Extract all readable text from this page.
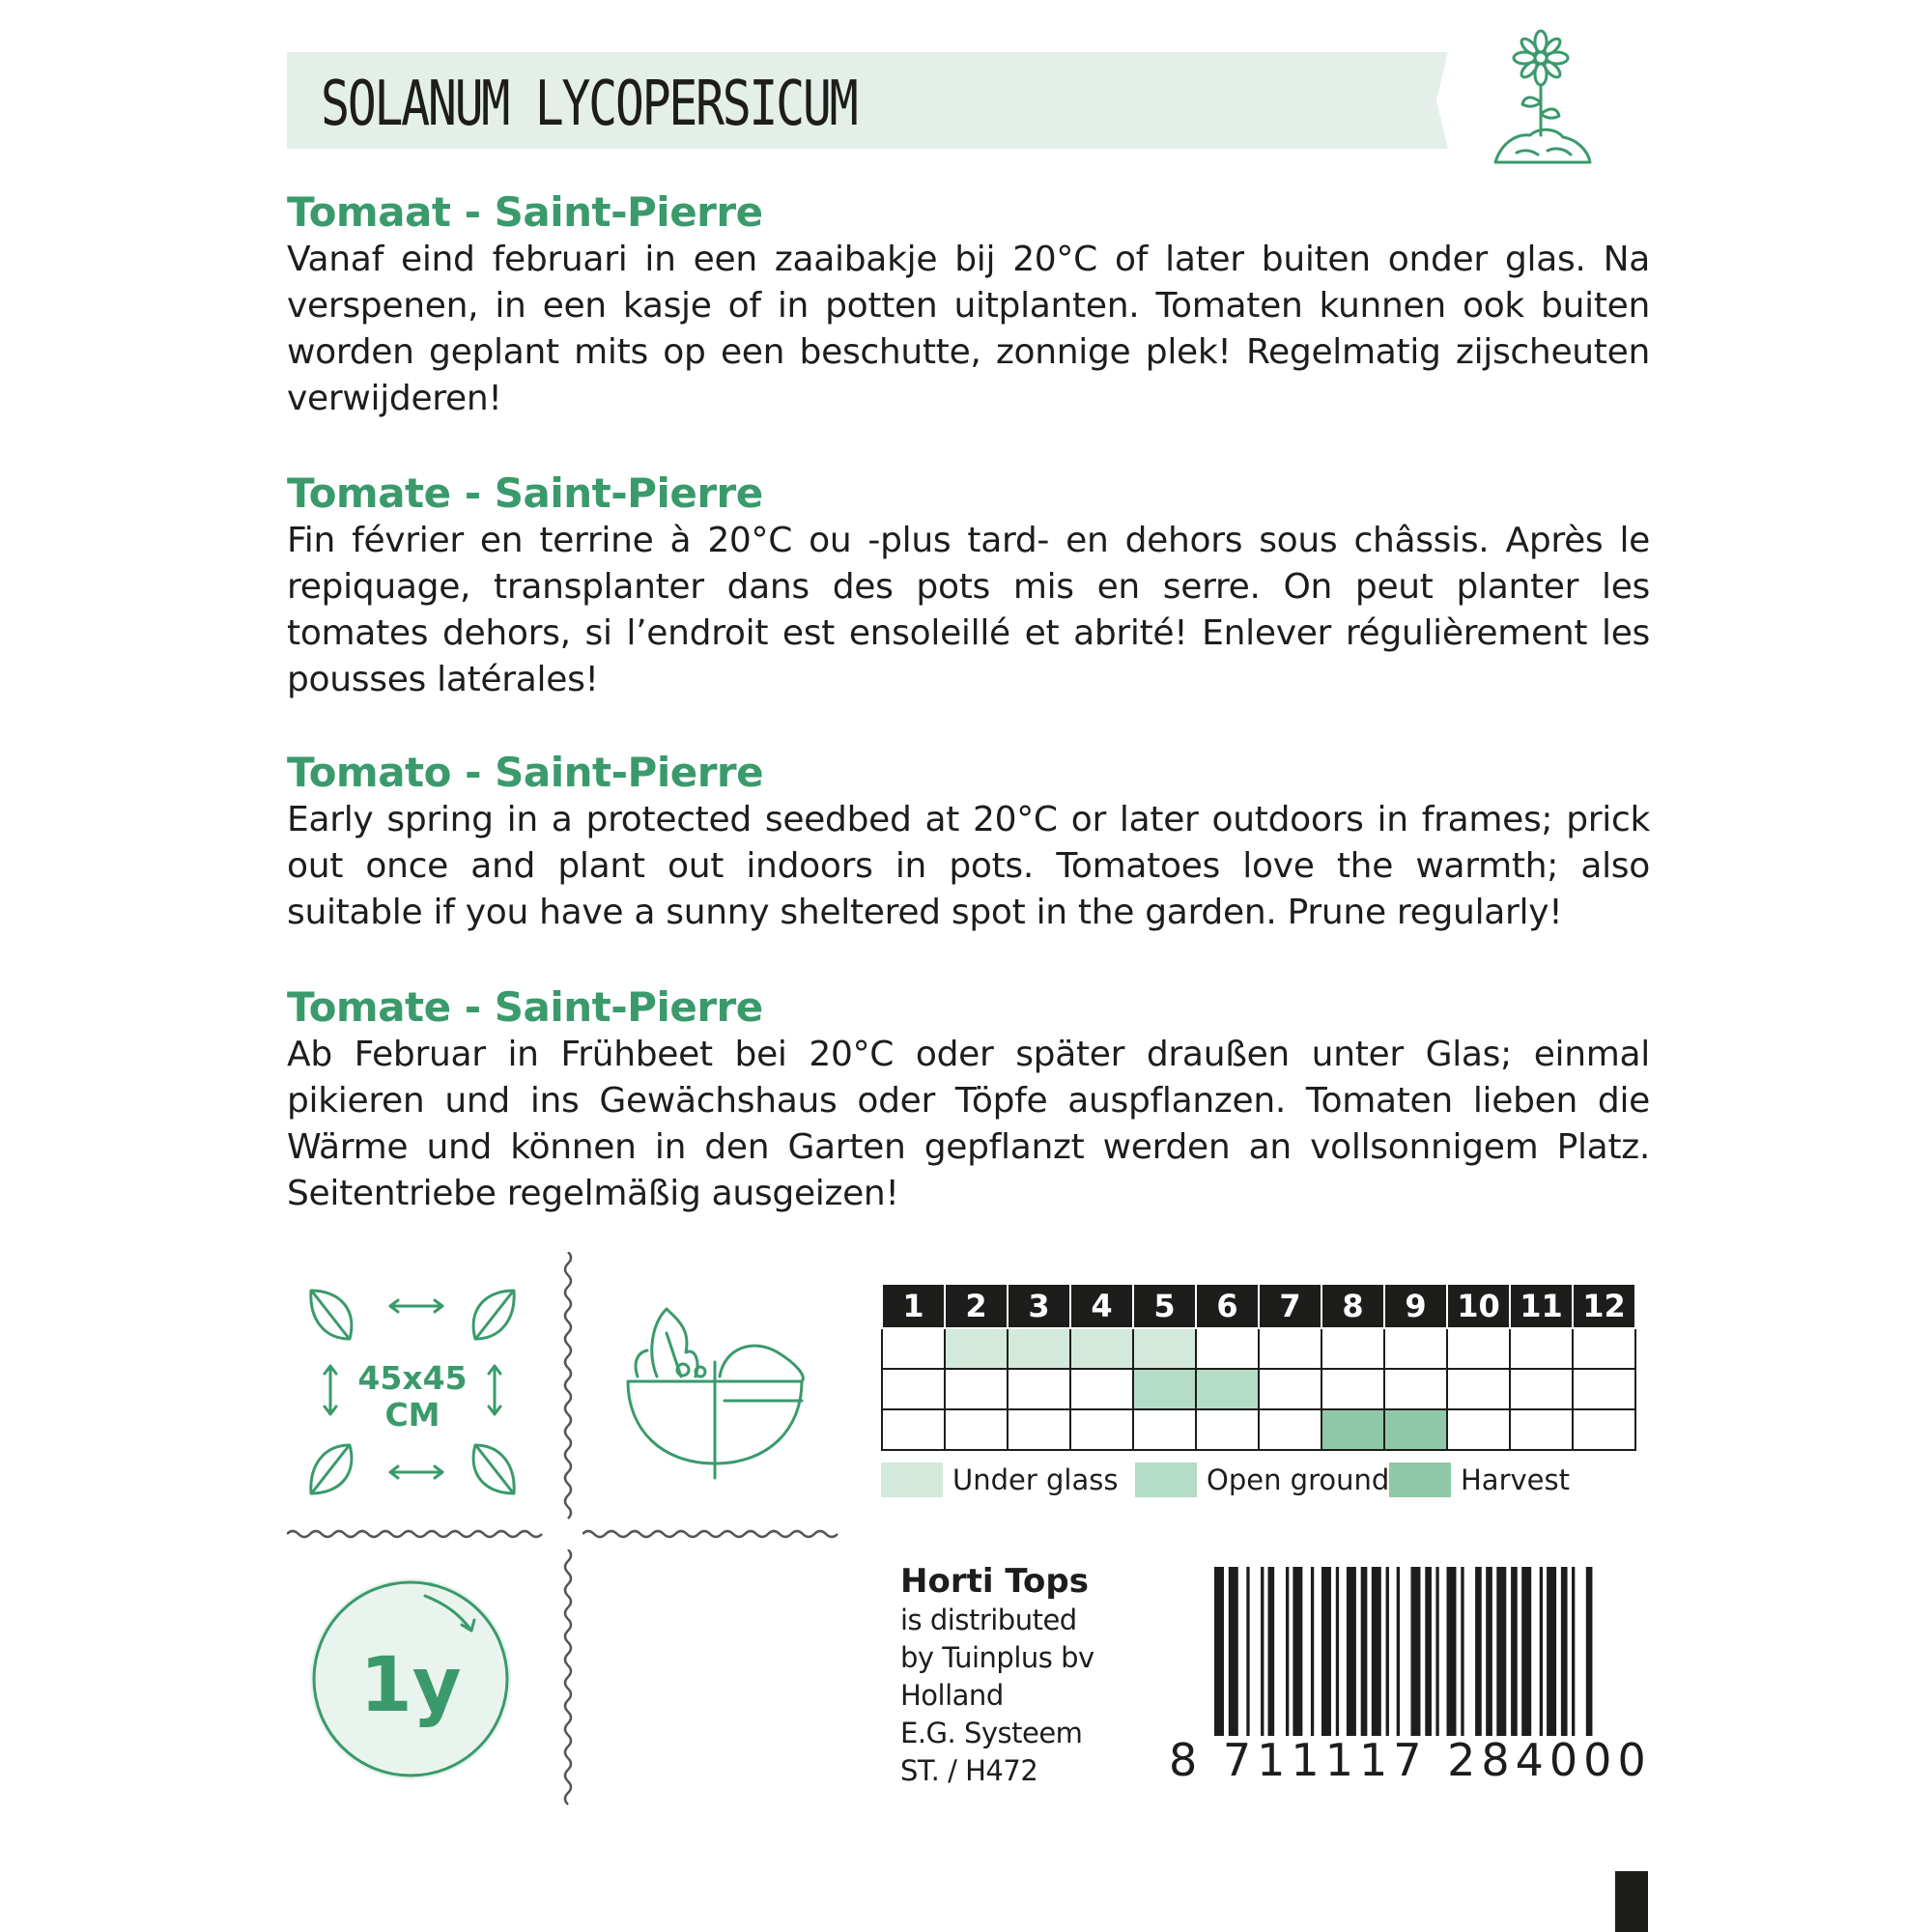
SOLANUM LYCOPERSICUM
Tomaat - Saint-Pierre

Vanaf eind februari in een zaaibakje bij 20°C of later buiten onder glas. Na verspenen, in een kasje of in potten uitplanten. Tomaten kunnen ook buiten worden geplant mits op een beschutte, zonnige plek! Regelmatig zijscheuten verwijderen!

Tomate - Saint-Pierre

Fin février en terrine à 20°C ou -plus tard- en dehors sous châssis. Après le repiquage, transplanter dans des pots mis en serre. On peut planter les tomates dehors, si l’endroit est ensoleillé et abrité! Enlever régulièrement les pousses latérales!

Tomato - Saint-Pierre

Early spring in a protected seedbed at 20°C or later outdoors in frames; prick out once and plant out indoors in pots. Tomatoes love the warmth; also suitable if you have a sunny sheltered spot in the garden. Prune regularly!

Tomate - Saint-Pierre

Ab Februar in Frühbeet bei 20°C oder später draußen unter Glas; einmal pikieren und ins Gewächshaus oder Töpfe auspflanzen. Tomaten lieben die Wärme und können in den Garten gepflanzt werden an vollsonnigem Platz. Seitentriebe regelmäßig ausgeizen!

45x45
CM
1	2	3	4	5	6	7	8	9	10	11	12

Under glass	Open ground	Harvest
1y
Horti Tops
is distributed
by Tuinplus bv
Holland
E.G. Systeem
ST. / H472	8 711117 284000
